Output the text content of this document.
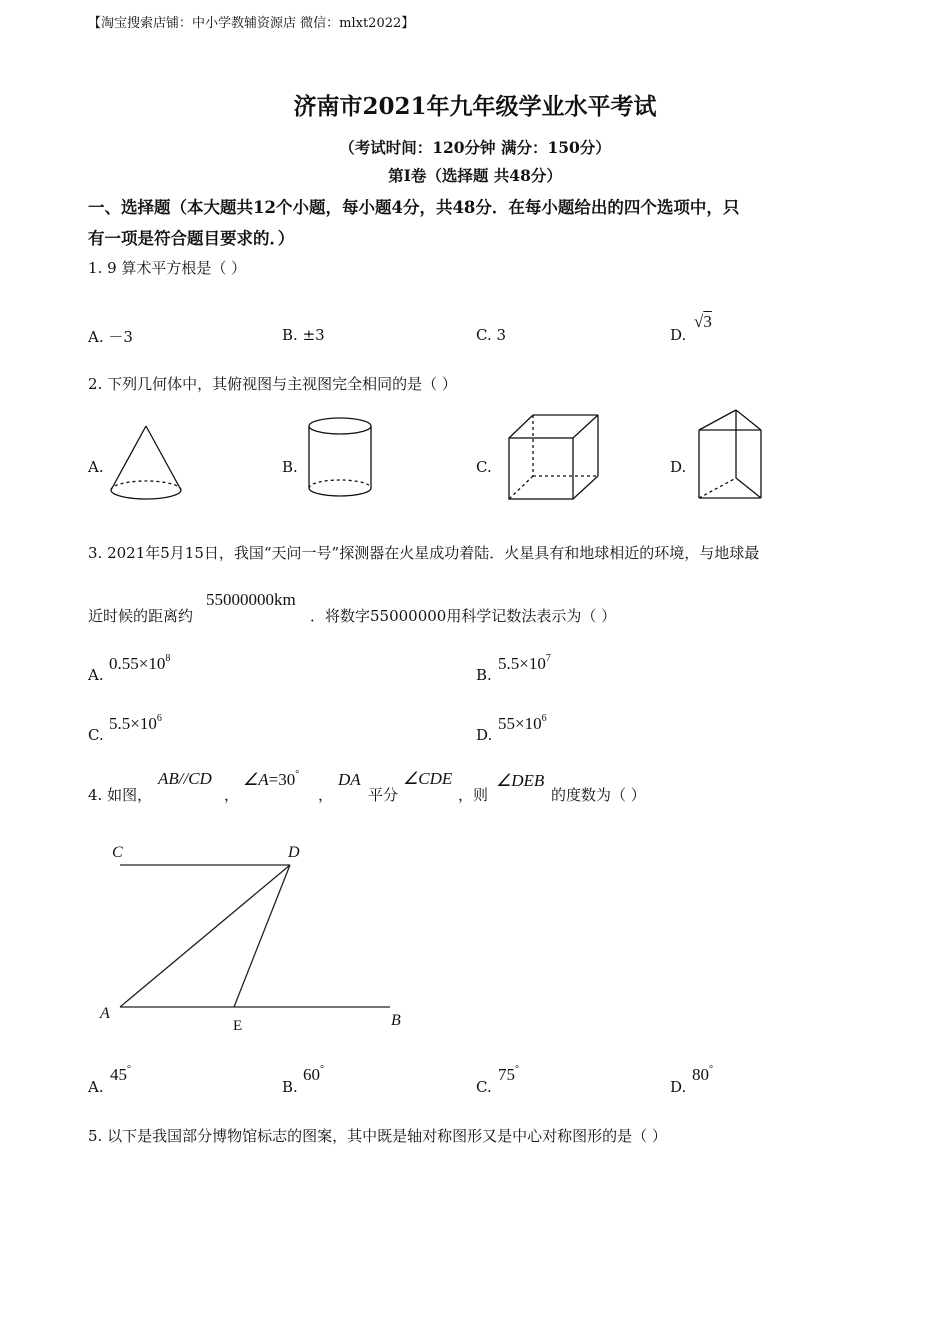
【淘宝搜索店铺：中小学教辅资源店 微信：mlxt2022】
济南市2021年九年级学业水平考试
（考试时间：120分钟 满分：150分）
第Ⅰ卷（选择题 共48分）
一、选择题（本大题共12个小题，每小题4分，共48分．在每小题给出的四个选项中，只
有一项是符合题目要求的．）
1. 9 算术平方根是（ ）
A. －3	B. ±3	C. 3	D.
√3
2. 下列几何体中，其俯视图与主视图完全相同的是（ ）
A.	B.	C.	D.
3. 2021年5月15日，我国“天问一号”探测器在火星成功着陆．火星具有和地球相近的环境，与地球最
近时候的距离约
55000000km
．将数字55000000用科学记数法表示为（ ）
A.
$0.55\times 10^8$
B.
$5.5\times 10^7$
C.
$5.5\times 10^6$
D.
$55\times 10^6$
4. 如图，
AB//CD
，
∠A=30°
，
DA
平分
∠CDE
，则
∠DEB
的度数为（ ）
C	D
A
E	B
A.
45°
B.
60°
C.
75°
D.
80°
5. 以下是我国部分博物馆标志的图案，其中既是轴对称图形又是中心对称图形的是（ ）
